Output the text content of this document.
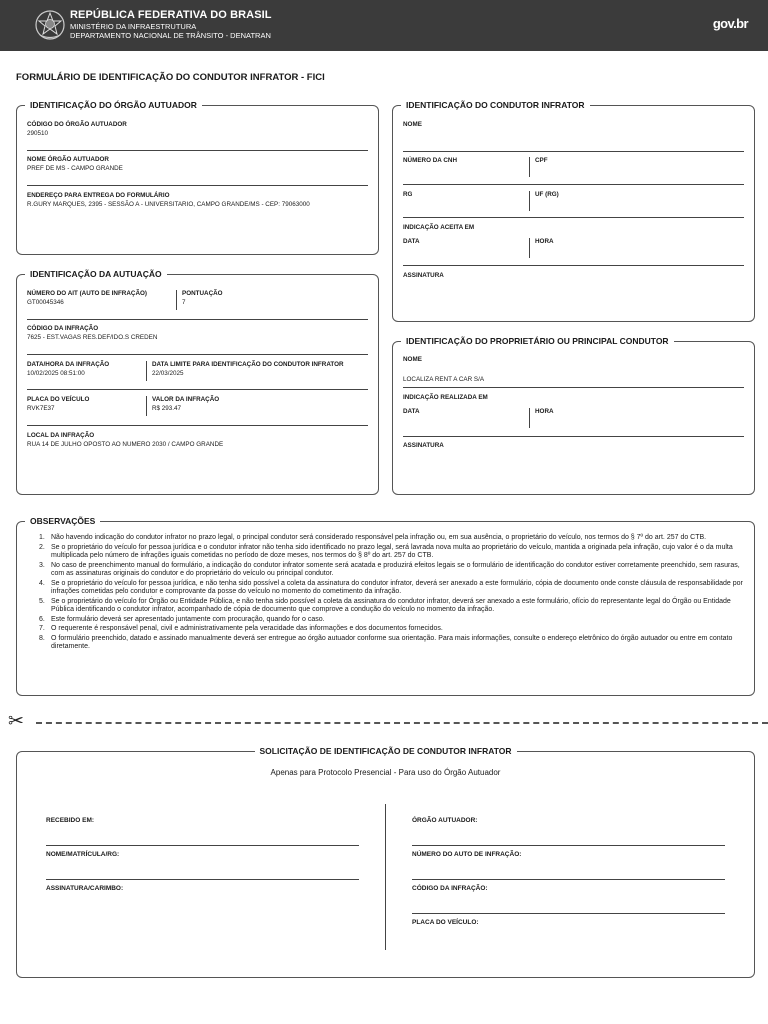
REPÚBLICA FEDERATIVA DO BRASIL
MINISTÉRIO DA INFRAESTRUTURA
DEPARTAMENTO NACIONAL DE TRÂNSITO - DENATRAN
gov.br
FORMULÁRIO DE IDENTIFICAÇÃO DO CONDUTOR INFRATOR - FICI
IDENTIFICAÇÃO DO ÓRGÃO AUTUADOR
CÓDIGO DO ÓRGÃO AUTUADOR
290510
NOME ÓRGÃO AUTUADOR
PREF DE MS - CAMPO GRANDE
ENDEREÇO PARA ENTREGA DO FORMULÁRIO
R.GURY MARQUES, 2395 - SESSÃO A - UNIVERSITARIO, CAMPO GRANDE/MS - CEP: 79063000
IDENTIFICAÇÃO DA AUTUAÇÃO
NÚMERO DO AIT (AUTO DE INFRAÇÃO)
GT00045346
PONTUAÇÃO
7
CÓDIGO DA INFRAÇÃO
7625 - EST.VAGAS RES.DEF/IDO.S CREDEN
DATA/HORA DA INFRAÇÃO
10/02/2025 08:51:00
DATA LIMITE PARA IDENTIFICAÇÃO DO CONDUTOR INFRATOR
22/03/2025
PLACA DO VEÍCULO
RVK7E37
VALOR DA INFRAÇÃO
R$ 293.47
LOCAL DA INFRAÇÃO
RUA 14 DE JULHO OPOSTO AO NUMERO 2030 / CAMPO GRANDE
IDENTIFICAÇÃO DO CONDUTOR INFRATOR
NOME
NÚMERO DA CNH	CPF
RG	UF (RG)
INDICAÇÃO ACEITA EM
DATA	HORA
ASSINATURA
IDENTIFICAÇÃO DO PROPRIETÁRIO OU PRINCIPAL CONDUTOR
NOME
LOCALIZA RENT A CAR S/A
INDICAÇÃO REALIZADA EM
DATA	HORA
ASSINATURA
OBSERVAÇÕES
1. Não havendo indicação do condutor infrator no prazo legal, o principal condutor será considerado responsável pela infração ou, em sua ausência, o proprietário do veículo, nos termos do § 7º do art. 257 do CTB.
2. Se o proprietário do veículo for pessoa jurídica e o condutor infrator não tenha sido identificado no prazo legal, será lavrada nova multa ao proprietário do veículo, mantida a originada pela infração, cujo valor é o da multa multiplicada pelo número de infrações iguais cometidas no período de doze meses, nos termos do § 8º do art. 257 do CTB.
3. No caso de preenchimento manual do formulário, a indicação do condutor infrator somente será acatada e produzirá efeitos legais se o formulário de identificação do condutor estiver corretamente preenchido, sem rasuras, com as assinaturas originais do condutor e do proprietário do veículo ou principal condutor.
4. Se o proprietário do veículo for pessoa jurídica, e não tenha sido possível a coleta da assinatura do condutor infrator, deverá ser anexado a este formulário, cópia de documento onde conste cláusula de responsabilidade por infrações cometidas pelo condutor e comprovante da posse do veículo no momento do cometimento da infração.
5. Se o proprietário do veículo for Órgão ou Entidade Pública, e não tenha sido possível a coleta da assinatura do condutor infrator, deverá ser anexado a este formulário, ofício do representante legal do Órgão ou Entidade Pública identificando o condutor infrator, acompanhado de cópia de documento que comprove a condução do veículo no momento da infração.
6. Este formulário deverá ser apresentado juntamente com procuração, quando for o caso.
7. O requerente é responsável penal, civil e administrativamente pela veracidade das informações e dos documentos fornecidos.
8. O formulário preenchido, datado e assinado manualmente deverá ser entregue ao órgão autuador conforme sua orientação. Para mais informações, consulte o endereço eletrônico do órgão autuador ou entre em contato diretamente.
✂
SOLICITAÇÃO DE IDENTIFICAÇÃO DE CONDUTOR INFRATOR
Apenas para Protocolo Presencial - Para uso do Órgão Autuador
RECEBIDO EM:
NOME/MATRÍCULA/RG:
ASSINATURA/CARIMBO:
ÓRGÃO AUTUADOR:
NÚMERO DO AUTO DE INFRAÇÃO:
CÓDIGO DA INFRAÇÃO:
PLACA DO VEÍCULO:
